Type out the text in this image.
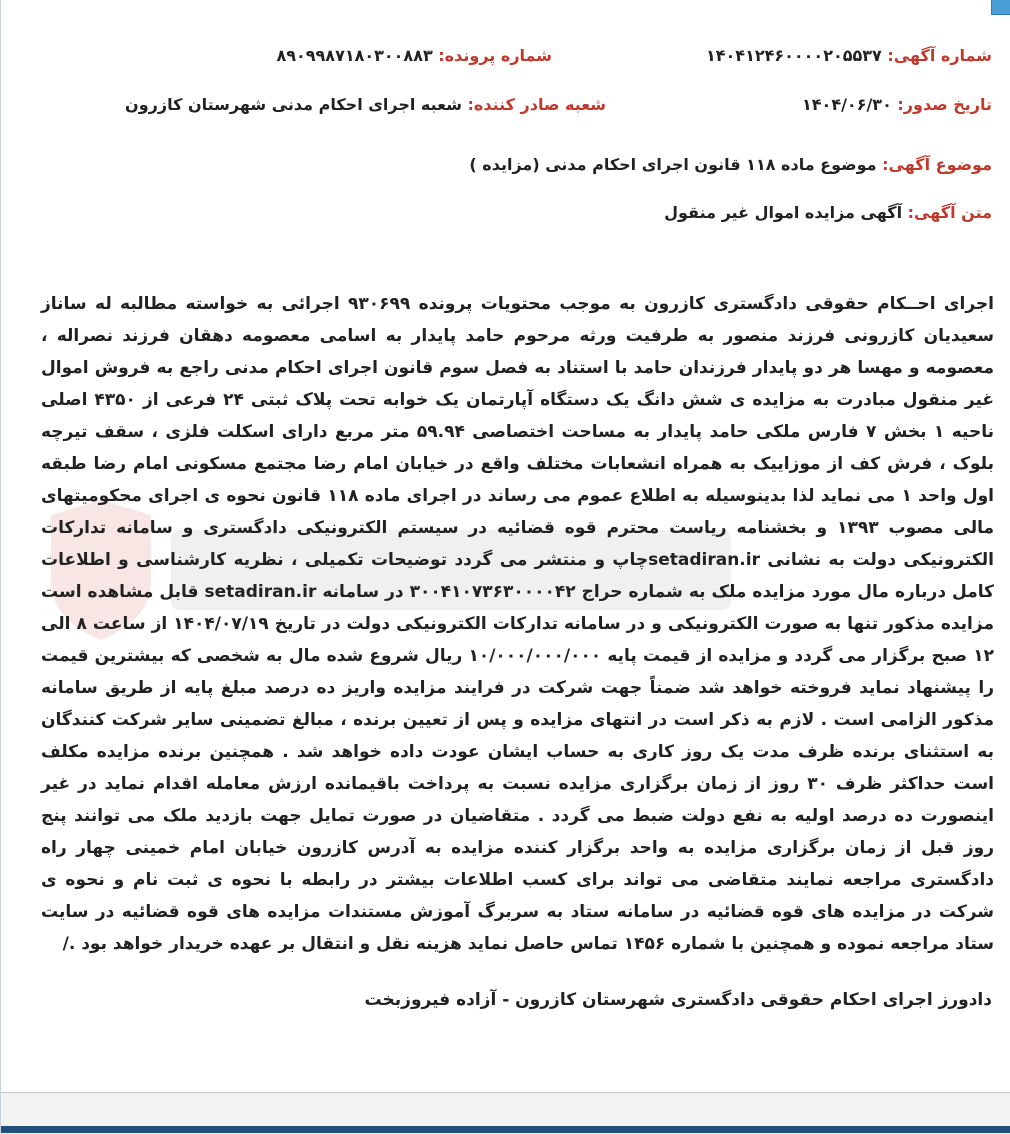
شماره آگهی: ۱۴۰۴۱۲۴۶۰۰۰۰۲۰۵۵۳۷
شماره پرونده: ۸۹۰۹۹۸۷۱۸۰۳۰۰۸۸۳
تاریخ صدور: ۱۴۰۴/۰۶/۳۰
شعبه صادر کننده: شعبه اجرای احکام مدنی شهرستان کازرون
موضوع آگهی: موضوع ماده ۱۱۸ قانون اجرای احکام مدنی (مزایده )
متن آگهی: آگهی مزایده اموال غیر منقول
اجرای احــکام حقوقی دادگستری کازرون به موجب محتویات پرونده ۹۳۰۶۹۹ اجرائی به خواسته مطالبه له ساناز سعیدیان کازرونی فرزند منصور به طرفیت ورثه مرحوم حامد پایدار به اسامی معصومه دهقان فرزند نصراله ، معصومه و مهسا هر دو پایدار فرزندان حامد با استناد به فصل سوم قانون اجرای احکام مدنی راجع به فروش اموال غیر منقول مبادرت به مزایده ی شش دانگ یک دستگاه آپارتمان یک خوابه تحت پلاک ثبتی ۲۴ فرعی از ۴۳۵۰ اصلی ناحیه ۱ بخش ۷ فارس ملکی حامد پایدار به مساحت اختصاصی ۵۹.۹۴ متر مربع دارای اسکلت فلزی ، سقف تیرچه بلوک ، فرش کف از موزاییک به همراه انشعابات مختلف واقع در خیابان امام رضا مجتمع مسکونی امام رضا طبقه اول واحد ۱ می نماید لذا بدینوسیله به اطلاع عموم می رساند در اجرای ماده ۱۱۸ قانون نحوه ی اجرای محکومیتهای مالی مصوب ۱۳۹۳ و بخشنامه ریاست محترم قوه قضائیه در سیستم الکترونیکی دادگستری و سامانه تدارکات الکترونیکی دولت به نشانی setadiran.irچاپ و منتشر می گردد توضیحات تکمیلی ، نظریه کارشناسی و اطلاعات کامل درباره مال مورد مزایده ملک به شماره حراج ۳۰۰۴۱۰۷۳۶۳۰۰۰۰۴۲ در سامانه setadiran.ir قابل مشاهده است مزایده مذکور تنها به صورت الکترونیکی و در سامانه تدارکات الکترونیکی دولت در تاریخ ۱۴۰۴/۰۷/۱۹ از ساعت ۸ الی ۱۲ صبح برگزار می گردد و مزایده از قیمت پایه ۱۰/۰۰۰/۰۰۰/۰۰۰ ریال شروع شده مال به شخصی که بیشترین قیمت را پیشنهاد نماید فروخته خواهد شد ضمناً جهت شرکت در فرایند مزایده واریز ده درصد مبلغ پایه از طریق سامانه مذکور الزامی است . لازم به ذکر است در انتهای مزایده و پس از تعیین برنده ، مبالغ تضمینی سایر شرکت کنندگان به استثنای برنده ظرف مدت یک روز کاری به حساب ایشان عودت داده خواهد شد . همچنین برنده مزایده مکلف است حداکثر ظرف ۳۰ روز از زمان برگزاری مزایده نسبت به پرداخت باقیمانده ارزش معامله اقدام نماید در غیر اینصورت ده درصد اولیه به نفع دولت ضبط می گردد . متقاضیان در صورت تمایل جهت بازدید ملک می توانند پنج روز قبل از زمان برگزاری مزایده به واحد برگزار کننده مزایده به آدرس کازرون خیابان امام خمینی چهار راه دادگستری مراجعه نمایند متقاضی می تواند برای کسب اطلاعات بیشتر در رابطه با نحوه ی ثبت نام و نحوه ی شرکت در مزایده های قوه قضائیه در سامانه ستاد به سربرگ آموزش مستندات مزایده های قوه قضائیه در سایت ستاد مراجعه نموده و همچنین با شماره ۱۴۵۶ تماس حاصل نماید هزینه نقل و انتقال بر عهده خریدار خواهد بود ./
دادورز اجرای احکام حقوقی دادگستری شهرستان کازرون - آزاده فیروزبخت
